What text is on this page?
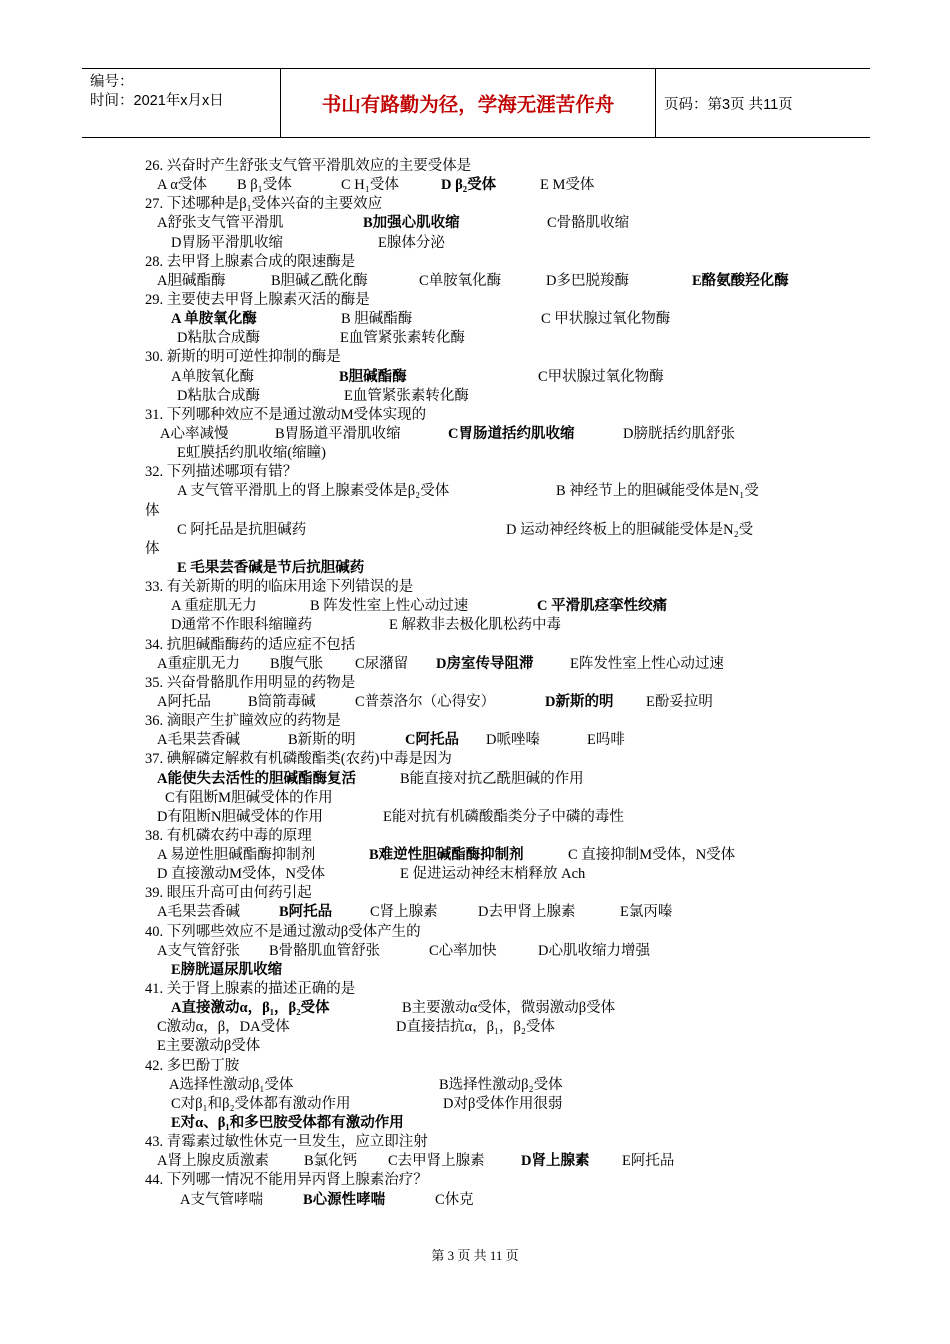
编号：
时间：2021年x月x日	书山有路勤为径，学海无涯苦作舟	页码：第3页 共11页
26. 兴奋时产生舒张支气管平滑肌效应的主要受体是
A α受体 B β₁受体	C H₁受体	D β₂受体	E M受体
27. 下述哪种是β₁受体兴奋的主要效应
A舒张支气管平滑肌	B加强心肌收缩	C骨骼肌收缩
D胃肠平滑肌收缩	E腺体分泌
28. 去甲肾上腺素合成的限速酶是
A胆碱酯酶	B胆碱乙酰化酶	C单胺氧化酶	D多巴脱羧酶	E酪氨酸羟化酶
29. 主要使去甲肾上腺素灭活的酶是
A 单胺氧化酶	B 胆碱酯酶	C 甲状腺过氧化物酶
D粘肽合成酶	E血管紧张素转化酶
30. 新斯的明可逆性抑制的酶是
A单胺氧化酶	B胆碱酯酶	C甲状腺过氧化物酶
D粘肽合成酶	E血管紧张素转化酶
31. 下列哪种效应不是通过激动M受体实现的
A心率减慢	B胃肠道平滑肌收缩	C胃肠道括约肌收缩	D膀胱括约肌舒张
E虹膜括约肌收缩(缩瞳)
32. 下列描述哪项有错？
A 支气管平滑肌上的肾上腺素受体是β₂受体	B 神经节上的胆碱能受体是N₁受
体
C 阿托品是抗胆碱药	D 运动神经终板上的胆碱能受体是N₂受
体
E 毛果芸香碱是节后抗胆碱药
33. 有关新斯的明的临床用途下列错误的是
A 重症肌无力	B 阵发性室上性心动过速	C 平滑肌痉挛性绞痛
D通常不作眼科缩瞳药	E 解救非去极化肌松药中毒
34. 抗胆碱酯酶药的适应症不包括
A重症肌无力 B腹气胀 C尿潴留 D房室传导阻滞	E阵发性室上性心动过速
35. 兴奋骨骼肌作用明显的药物是
A阿托品	B筒箭毒碱	C普萘洛尔（心得安）	D新斯的明 E酚妥拉明
36. 滴眼产生扩瞳效应的药物是
A毛果芸香碱	B新斯的明	C阿托品 D哌唑嗪	E吗啡
37. 碘解磷定解救有机磷酸酯类(农药)中毒是因为
A能使失去活性的胆碱酯酶复活	B能直接对抗乙酰胆碱的作用
C有阻断M胆碱受体的作用
D有阻断N胆碱受体的作用	E能对抗有机磷酸酯类分子中磷的毒性
38. 有机磷农药中毒的原理
A 易逆性胆碱酯酶抑制剂	B难逆性胆碱酯酶抑制剂	C 直接抑制M受体，N受体
D 直接激动M受体，N受体	E 促进运动神经末梢释放 Ach
39. 眼压升高可由何药引起
A毛果芸香碱	B阿托品	C肾上腺素	D去甲肾上腺素	E氯丙嗪
40. 下列哪些效应不是通过激动β受体产生的
A支气管舒张 B骨骼肌血管舒张	C心率加快	D心肌收缩力增强
E膀胱逼尿肌收缩
41. 关于肾上腺素的描述正确的是
A直接激动α，β₁，β₂受体	B主要激动α受体，微弱激动β受体
C激动α，β，DA受体	D直接拮抗α，β₁，β₂受体
E主要激动β受体
42. 多巴酚丁胺
A选择性激动β₁受体	B选择性激动β₂受体
C对β₁和β₂受体都有激动作用	D对β受体作用很弱
E对α、β₁和多巴胺受体都有激动作用
43. 青霉素过敏性休克一旦发生，应立即注射
A肾上腺皮质激素 B氯化钙 C去甲肾上腺素	D肾上腺素 E阿托品
44. 下列哪一情况不能用异丙肾上腺素治疗？
A支气管哮喘	B心源性哮喘	C休克
第 3 页 共 11 页
